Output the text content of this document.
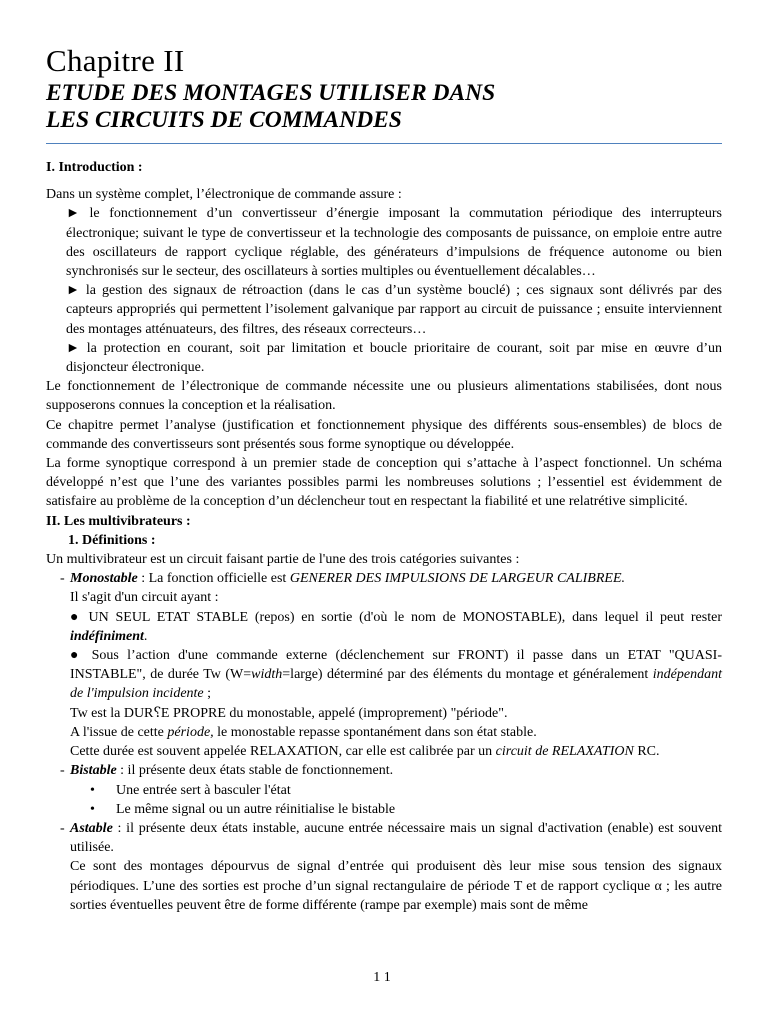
Chapitre II
ETUDE DES MONTAGES UTILISER DANS
LES CIRCUITS DE COMMANDES

I. Introduction :

Dans un système complet, l’électronique de commande assure :

► le fonctionnement d’un convertisseur d’énergie imposant la commutation périodique des interrupteurs électronique; suivant le type de convertisseur et la technologie des composants de puissance, on emploie entre autre des oscillateurs de rapport cyclique réglable, des générateurs d’impulsions de fréquence autonome ou bien synchronisés sur le secteur, des oscillateurs à sorties multiples ou éventuellement décalables…

► la gestion des signaux de rétroaction (dans le cas d’un système bouclé) ; ces signaux sont délivrés par des capteurs appropriés qui permettent l’isolement galvanique par rapport au circuit de puissance ; ensuite interviennent des montages atténuateurs, des filtres, des réseaux correcteurs…

► la protection en courant, soit par limitation et boucle prioritaire de courant, soit par mise en œuvre d’un disjoncteur électronique.

Le fonctionnement de l’électronique de commande nécessite une ou plusieurs alimentations stabilisées, dont nous supposerons connues la conception et la réalisation.

Ce chapitre permet l’analyse (justification et fonctionnement physique des différents sous-ensembles) de blocs de commande des convertisseurs sont présentés sous forme synoptique ou développée.

La forme synoptique correspond à un premier stade de conception qui s’attache à l’aspect fonctionnel. Un schéma développé n’est que l’une des variantes possibles parmi les nombreuses solutions ; l’essentiel est évidemment de satisfaire au problème de la conception d’un déclencheur tout en respectant la fiabilité et une relatrétive simplicité.

II. Les multivibrateurs :

1. Définitions :

Un multivibrateur est un circuit faisant partie de l'une des trois catégories suivantes :

- Monostable : La fonction officielle est GENERER DES IMPULSIONS DE LARGEUR CALIBREE.

Il s'agit d'un circuit ayant :

● UN SEUL ETAT STABLE (repos) en sortie (d'où le nom de MONOSTABLE), dans lequel il peut rester indéfiniment.

● Sous l’action d'une commande externe (déclenchement sur FRONT) il passe dans un ETAT "QUASI-INSTABLE", de durée Tw (W=width=large) déterminé par des éléments du montage et généralement indépendant de l'impulsion incidente ;

Tw est la DUR⸮E PROPRE du monostable, appelé (improprement) "période".

A l'issue de cette période, le monostable repasse spontanément dans son état stable.

Cette durée est souvent appelée RELAXATION, car elle est calibrée par un circuit de RELAXATION RC.

- Bistable : il présente deux états stable de fonctionnement.

• Une entrée sert à basculer l'état

• Le même signal ou un autre réinitialise le bistable

- Astable : il présente deux états instable, aucune entrée nécessaire mais un signal d'activation (enable) est souvent utilisée.

Ce sont des montages dépourvus de signal d’entrée qui produisent dès leur mise sous tension des signaux périodiques. L’une des sorties est proche d’un signal rectangulaire de période T et de rapport cyclique α ; les autre sorties éventuelles peuvent être de forme différente (rampe par exemple) mais sont de même

11
